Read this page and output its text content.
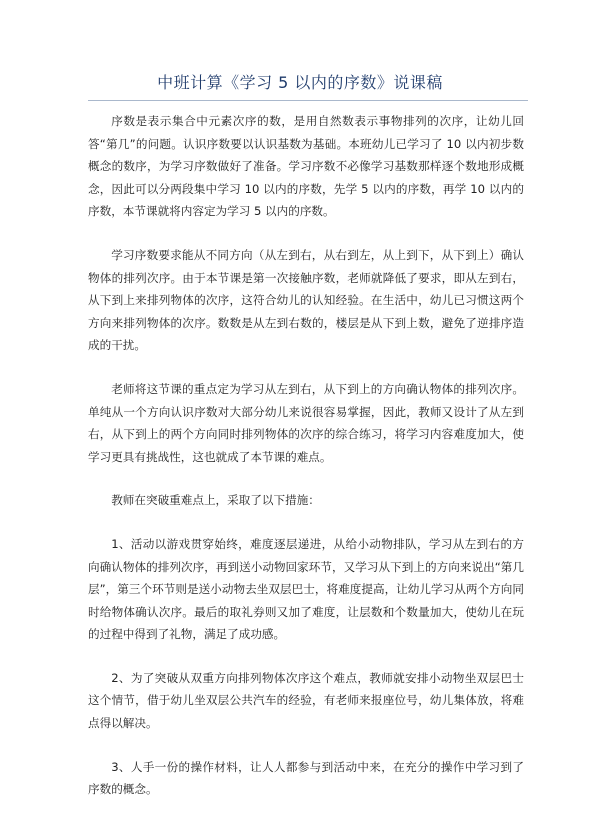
中班计算《学习 5 以内的序数》说课稿

序数是表示集合中元素次序的数，是用自然数表示事物排列的次序，让幼儿回答“第几”的问题。认识序数要以认识基数为基础。本班幼儿已学习了 10 以内初步数概念的数序，为学习序数做好了准备。学习序数不必像学习基数那样逐个数地形成概念，因此可以分两段集中学习 10 以内的序数，先学 5 以内的序数，再学 10 以内的序数，本节课就将内容定为学习 5 以内的序数。

学习序数要求能从不同方向（从左到右，从右到左，从上到下，从下到上）确认物体的排列次序。由于本节课是第一次接触序数，老师就降低了要求，即从左到右，从下到上来排列物体的次序，这符合幼儿的认知经验。在生活中，幼儿已习惯这两个方向来排列物体的次序。数数是从左到右数的，楼层是从下到上数，避免了逆排序造成的干扰。

老师将这节课的重点定为学习从左到右，从下到上的方向确认物体的排列次序。单纯从一个方向认识序数对大部分幼儿来说很容易掌握，因此，教师又设计了从左到右，从下到上的两个方向同时排列物体的次序的综合练习，将学习内容难度加大，使学习更具有挑战性，这也就成了本节课的难点。

教师在突破重难点上，采取了以下措施：

1、活动以游戏贯穿始终，难度逐层递进，从给小动物排队，学习从左到右的方向确认物体的排列次序，再到送小动物回家环节，又学习从下到上的方向来说出“第几层”，第三个环节则是送小动物去坐双层巴士，将难度提高，让幼儿学习从两个方向同时给物体确认次序。最后的取礼券则又加了难度，让层数和个数量加大，使幼儿在玩的过程中得到了礼物，满足了成功感。

2、为了突破从双重方向排列物体次序这个难点，教师就安排小动物坐双层巴士这个情节，借于幼儿坐双层公共汽车的经验，有老师来报座位号，幼儿集体放，将难点得以解决。

3、人手一份的操作材料，让人人都参与到活动中来，在充分的操作中学习到了序数的概念。
